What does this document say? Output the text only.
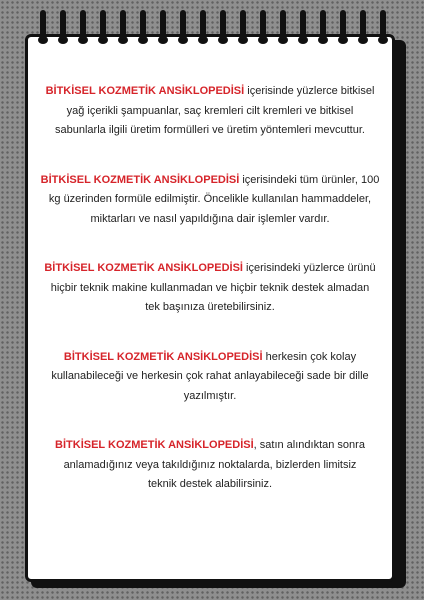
BİTKİSEL KOZMETİK ANSİKLOPEDİSİ içerisinde yüzlerce bitkisel yağ içerikli şampuanlar, saç kremleri cilt kremleri ve bitkisel sabunlarla ilgili üretim formülleri ve üretim yöntemleri mevcuttur.

BİTKİSEL KOZMETİK ANSİKLOPEDİSİ içerisindeki tüm ürünler, 100 kg üzerinden formüle edilmiştir. Öncelikle kullanılan hammaddeler, miktarları ve nasıl yapıldığına dair işlemler vardır.

BİTKİSEL KOZMETİK ANSİKLOPEDİSİ içerisindeki yüzlerce ürünü hiçbir teknik makine kullanmadan ve hiçbir teknik destek almadan tek başınıza üretebilirsiniz.

BİTKİSEL KOZMETİK ANSİKLOPEDİSİ herkesin çok kolay kullanabileceği ve herkesin çok rahat anlayabileceği sade bir dille yazılmıştır.

BİTKİSEL KOZMETİK ANSİKLOPEDİSİ, satın alındıktan sonra anlamadığınız veya takıldığınız noktalarda, bizlerden limitsiz teknik destek alabilirsiniz.
